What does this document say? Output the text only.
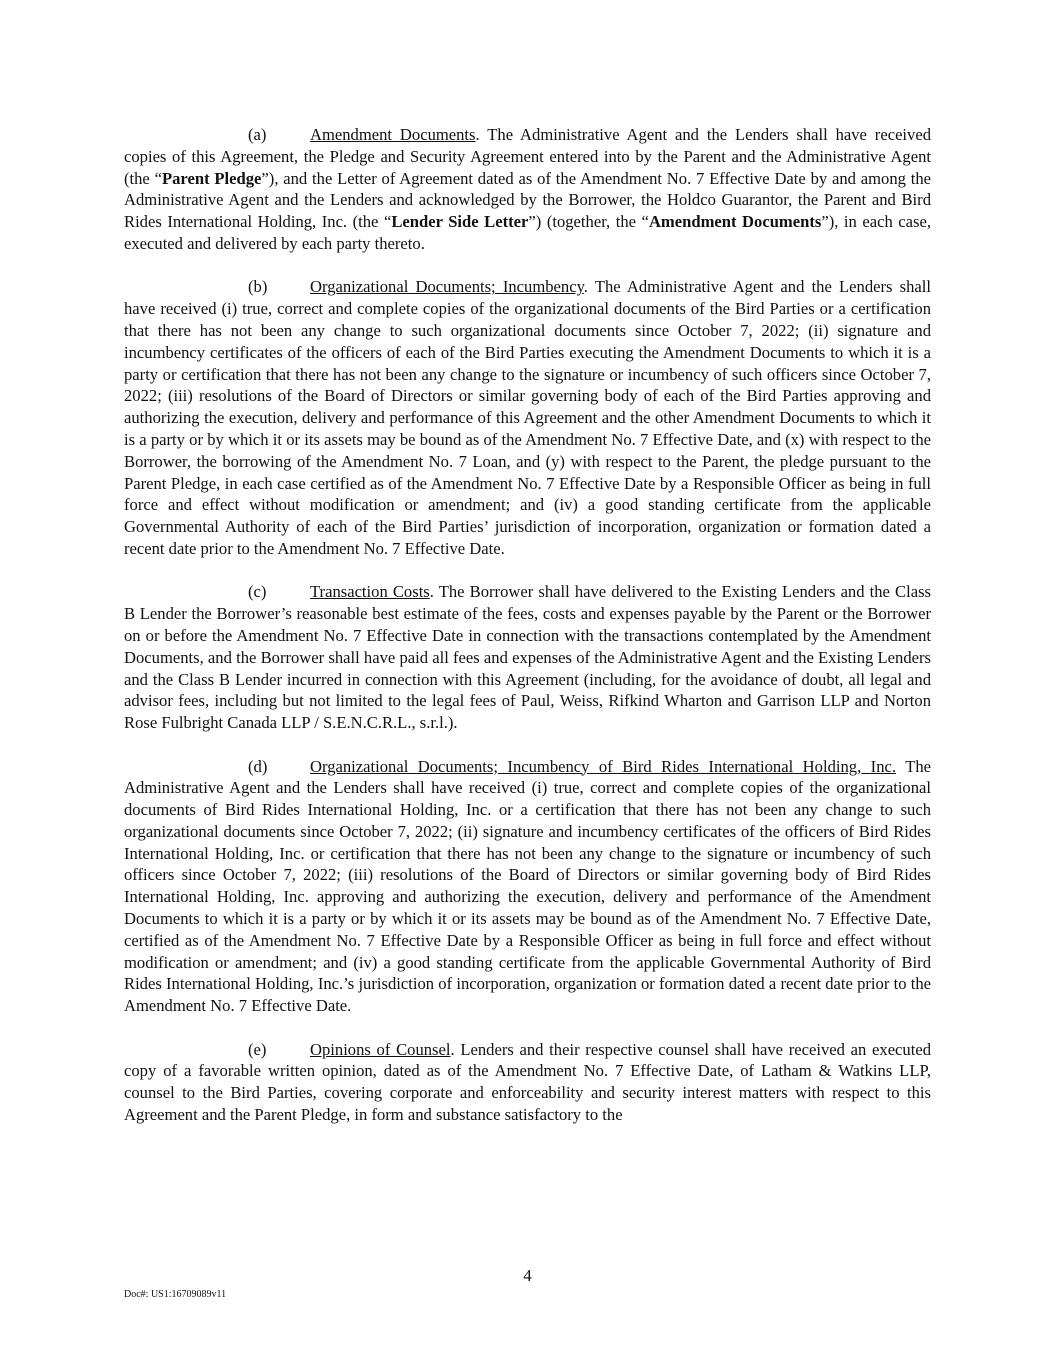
(a)	Amendment Documents. The Administrative Agent and the Lenders shall have received copies of this Agreement, the Pledge and Security Agreement entered into by the Parent and the Administrative Agent (the “Parent Pledge”), and the Letter of Agreement dated as of the Amendment No. 7 Effective Date by and among the Administrative Agent and the Lenders and acknowledged by the Borrower, the Holdco Guarantor, the Parent and Bird Rides International Holding, Inc. (the “Lender Side Letter”) (together, the “Amendment Documents”), in each case, executed and delivered by each party thereto.

(b)	Organizational Documents; Incumbency. The Administrative Agent and the Lenders shall have received (i) true, correct and complete copies of the organizational documents of the Bird Parties or a certification that there has not been any change to such organizational documents since October 7, 2022; (ii) signature and incumbency certificates of the officers of each of the Bird Parties executing the Amendment Documents to which it is a party or certification that there has not been any change to the signature or incumbency of such officers since October 7, 2022; (iii) resolutions of the Board of Directors or similar governing body of each of the Bird Parties approving and authorizing the execution, delivery and performance of this Agreement and the other Amendment Documents to which it is a party or by which it or its assets may be bound as of the Amendment No. 7 Effective Date, and (x) with respect to the Borrower, the borrowing of the Amendment No. 7 Loan, and (y) with respect to the Parent, the pledge pursuant to the Parent Pledge, in each case certified as of the Amendment No. 7 Effective Date by a Responsible Officer as being in full force and effect without modification or amendment; and (iv) a good standing certificate from the applicable Governmental Authority of each of the Bird Parties’ jurisdiction of incorporation, organization or formation dated a recent date prior to the Amendment No. 7 Effective Date.

(c)	Transaction Costs. The Borrower shall have delivered to the Existing Lenders and the Class B Lender the Borrower’s reasonable best estimate of the fees, costs and expenses payable by the Parent or the Borrower on or before the Amendment No. 7 Effective Date in connection with the transactions contemplated by the Amendment Documents, and the Borrower shall have paid all fees and expenses of the Administrative Agent and the Existing Lenders and the Class B Lender incurred in connection with this Agreement (including, for the avoidance of doubt, all legal and advisor fees, including but not limited to the legal fees of Paul, Weiss, Rifkind Wharton and Garrison LLP and Norton Rose Fulbright Canada LLP / S.E.N.C.R.L., s.r.l.).

(d)	Organizational Documents; Incumbency of Bird Rides International Holding, Inc. The Administrative Agent and the Lenders shall have received (i) true, correct and complete copies of the organizational documents of Bird Rides International Holding, Inc. or a certification that there has not been any change to such organizational documents since October 7, 2022; (ii) signature and incumbency certificates of the officers of Bird Rides International Holding, Inc. or certification that there has not been any change to the signature or incumbency of such officers since October 7, 2022; (iii) resolutions of the Board of Directors or similar governing body of Bird Rides International Holding, Inc. approving and authorizing the execution, delivery and performance of the Amendment Documents to which it is a party or by which it or its assets may be bound as of the Amendment No. 7 Effective Date, certified as of the Amendment No. 7 Effective Date by a Responsible Officer as being in full force and effect without modification or amendment; and (iv) a good standing certificate from the applicable Governmental Authority of Bird Rides International Holding, Inc.’s jurisdiction of incorporation, organization or formation dated a recent date prior to the Amendment No. 7 Effective Date.

(e)	Opinions of Counsel. Lenders and their respective counsel shall have received an executed copy of a favorable written opinion, dated as of the Amendment No. 7 Effective Date, of Latham & Watkins LLP, counsel to the Bird Parties, covering corporate and enforceability and security interest matters with respect to this Agreement and the Parent Pledge, in form and substance satisfactory to the

4
Doc#: US1:16709089v11
